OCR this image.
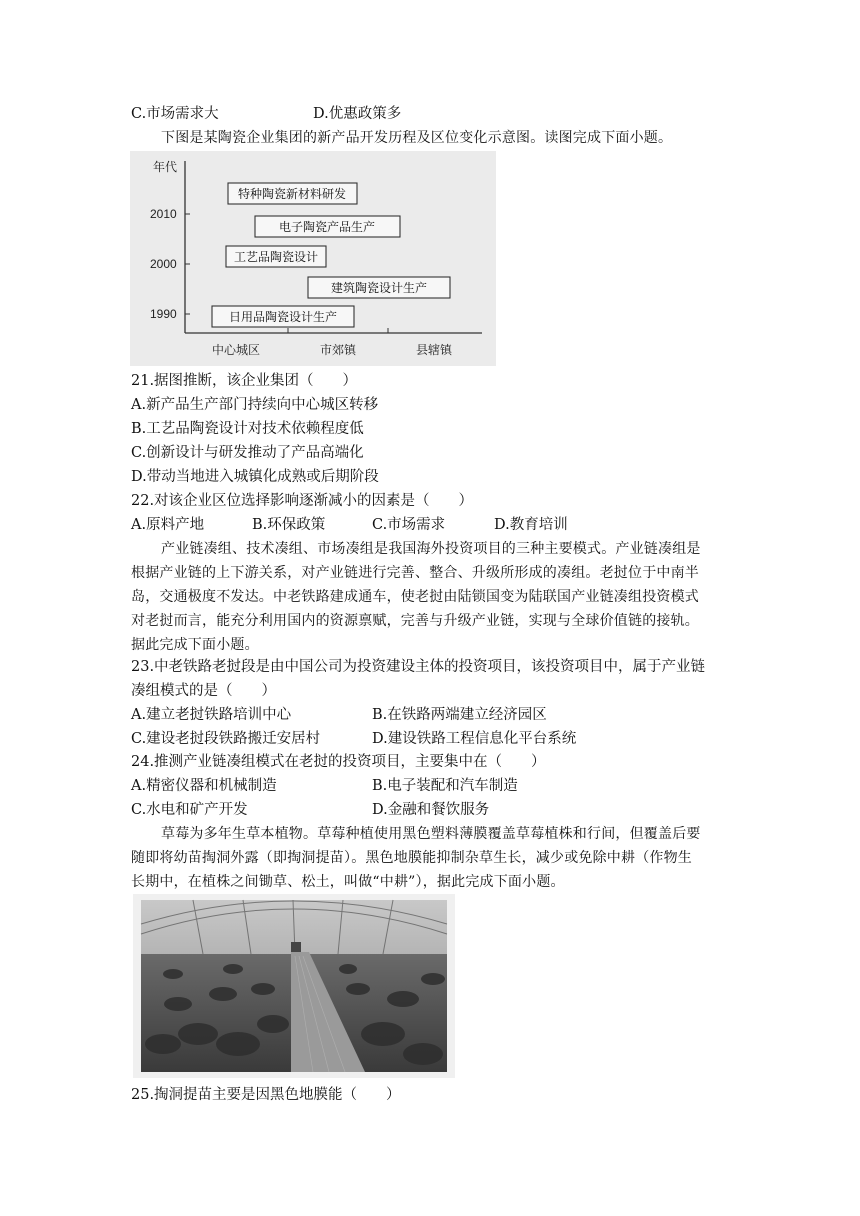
C.市场需求大	D.优惠政策多
下图是某陶瓷企业集团的新产品开发历程及区位变化示意图。读图完成下面小题。
年代
2010
2000
1990
中心城区	市郊镇	县辖镇
特种陶瓷新材料研发
电子陶瓷产品生产
工艺品陶瓷设计
建筑陶瓷设计生产
日用品陶瓷设计生产
21.据图推断，该企业集团（　　）
A.新产品生产部门持续向中心城区转移
B.工艺品陶瓷设计对技术依赖程度低
C.创新设计与研发推动了产品高端化
D.带动当地进入城镇化成熟或后期阶段
22.对该企业区位选择影响逐渐减小的因素是（　　）
A.原料产地	B.环保政策	C.市场需求	D.教育培训
产业链凑组、技术凑组、市场凑组是我国海外投资项目的三种主要模式。产业链凑组是
根据产业链的上下游关系，对产业链进行完善、整合、升级所形成的凑组。老挝位于中南半
岛，交通极度不发达。中老铁路建成通车，使老挝由陆锁国变为陆联国产业链凑组投资模式
对老挝而言，能充分利用国内的资源禀赋，完善与升级产业链，实现与全球价值链的接轨。
据此完成下面小题。
23.中老铁路老挝段是由中国公司为投资建设主体的投资项目，该投资项目中，属于产业链
凑组模式的是（　　）
A.建立老挝铁路培训中心	B.在铁路两端建立经济园区
C.建设老挝段铁路搬迁安居村	D.建设铁路工程信息化平台系统
24.推测产业链凑组模式在老挝的投资项目，主要集中在（　　）
A.精密仪器和机械制造	B.电子装配和汽车制造
C.水电和矿产开发	D.金融和餐饮服务
草莓为多年生草本植物。草莓种植使用黑色塑料薄膜覆盖草莓植株和行间，但覆盖后要
随即将幼苗掏洞外露（即掏洞提苗）。黑色地膜能抑制杂草生长，减少或免除中耕（作物生
长期中，在植株之间锄草、松土，叫做“中耕”），据此完成下面小题。
25.掏洞提苗主要是因黑色地膜能（　　）
